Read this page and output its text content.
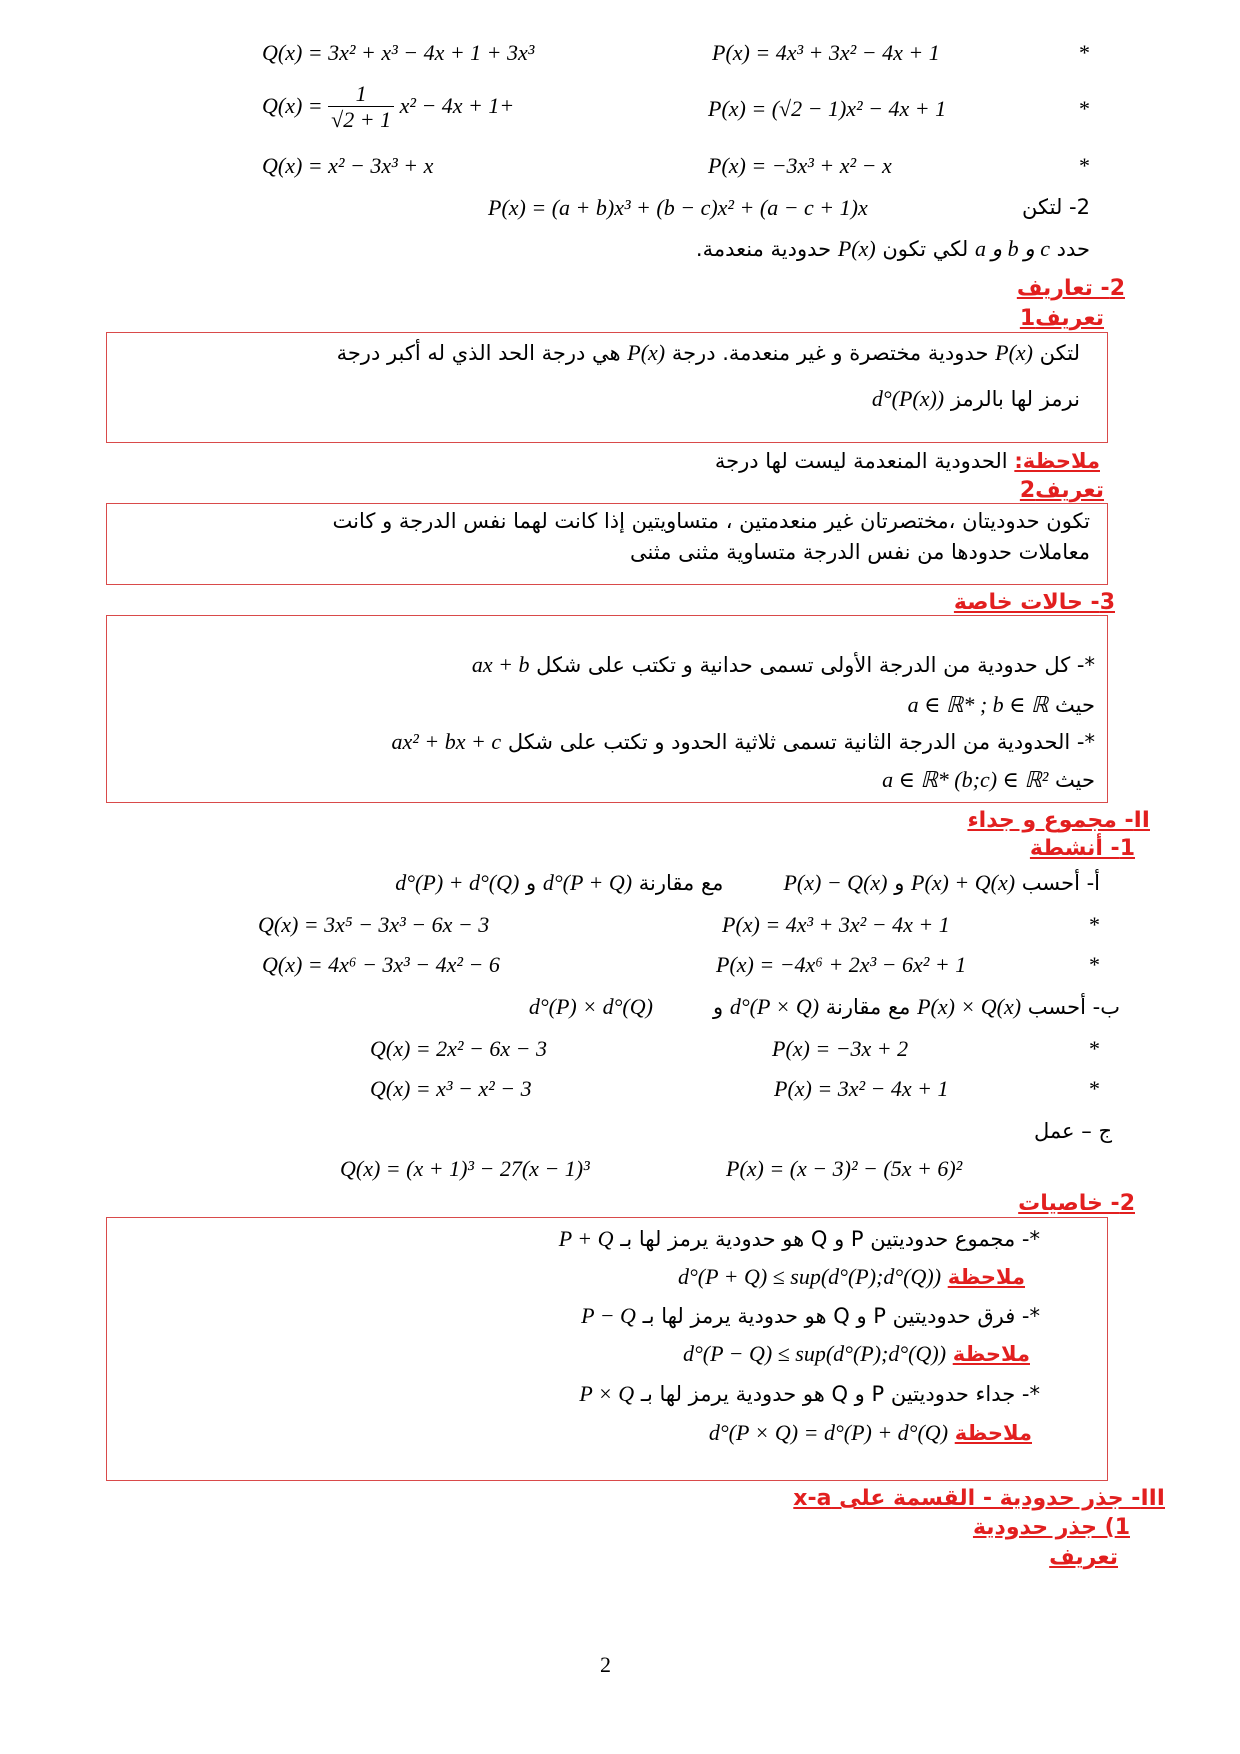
*
P(x) = 4x³ + 3x² − 4x + 1
Q(x) = 3x² + x³ − 4x + 1 + 3x³
*
P(x) = (√2 − 1)x² − 4x + 1
$Q(x) = \frac{1}{√2 + 1} x^2 - 4x + 1+$
*
P(x) = −3x³ + x² − x
Q(x) = x² − 3x³ + x
2- لتكن
P(x) = (a + b)x³ + (b − c)x² + (a − c + 1)x
حدد a و b و c لكي تكون P(x) حدودية منعدمة.
2- تعاريف
تعريف1
لتكن P(x) حدودية مختصرة و غير منعدمة. درجة P(x) هي درجة الحد الذي له أكبر درجة
نرمز لها بالرمز d°(P(x))
ملاحظة: الحدودية المنعدمة ليست لها درجة
تعريف2
تكون حدوديتان ،مختصرتان غير منعدمتين ، متساويتين إذا كانت لهما نفس الدرجة و كانت
معاملات حدودها من نفس الدرجة متساوية مثنى مثنى
3- حالات خاصة
*- كل حدودية من الدرجة الأولى تسمى حدانية و تكتب على شكل ax + b
حيث a ∈ ℝ* ; b ∈ ℝ
*- الحدودية من الدرجة الثانية تسمى ثلاثية الحدود و تكتب على شكل ax² + bx + c
حيث a ∈ ℝ* (b;c) ∈ ℝ²
II- مجموع و جداء
1- أنشطة
أ- أحسب P(x) + Q(x) و P(x) − Q(x)         مع مقارنة d°(P + Q) و d°(P) + d°(Q)
*
P(x) = 4x³ + 3x² − 4x + 1
Q(x) = 3x⁵ − 3x³ − 6x − 3
*
P(x) = −4x⁶ + 2x³ − 6x² + 1
Q(x) = 4x⁶ − 3x³ − 4x² − 6
ب- أحسب P(x) × Q(x) مع مقارنة d°(P × Q) و         d°(P) × d°(Q)
*
P(x) = −3x + 2
Q(x) = 2x² − 6x − 3
*
P(x) = 3x² − 4x + 1
Q(x) = x³ − x² − 3
ج – عمل
P(x) = (x − 3)² − (5x + 6)²
Q(x) = (x + 1)³ − 27(x − 1)³
2- خاصيات
*- مجموع حدوديتين P و Q هو حدودية يرمز لها بـ P + Q
ملاحظة d°(P + Q) ≤ sup(d°(P);d°(Q))
*- فرق حدوديتين P و Q هو حدودية يرمز لها بـ P − Q
ملاحظة d°(P − Q) ≤ sup(d°(P);d°(Q))
*- جداء حدوديتين P و Q هو حدودية يرمز لها بـ P × Q
ملاحظة d°(P × Q) = d°(P) + d°(Q)
III- جذر حدودية - القسمة على x-a
1) جذر حدودية
تعريف
2
